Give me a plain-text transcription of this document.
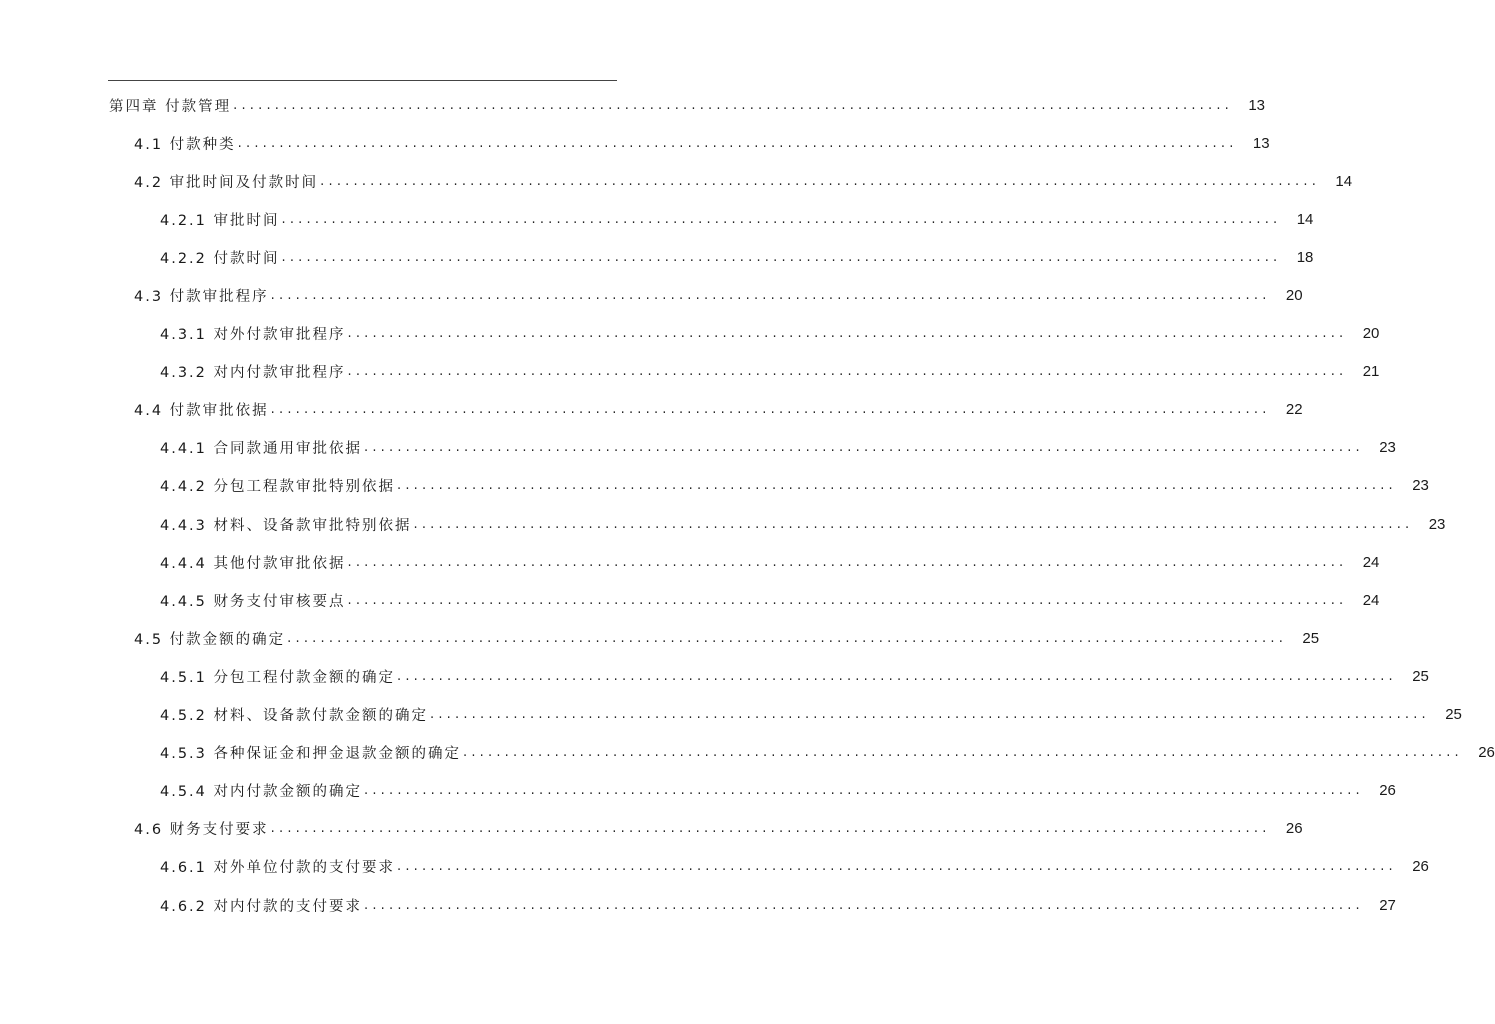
第四章 付款管理 ........................................................................................................................	13
4.1 付款种类 ........................................................................................................................	13
4.2 审批时间及付款时间 ........................................................................................................................	14
4.2.1 审批时间 ........................................................................................................................	14
4.2.2 付款时间 ........................................................................................................................	18
4.3 付款审批程序 ........................................................................................................................	20
4.3.1 对外付款审批程序 ........................................................................................................................	20
4.3.2 对内付款审批程序 ........................................................................................................................	21
4.4 付款审批依据 ........................................................................................................................	22
4.4.1 合同款通用审批依据 ........................................................................................................................	23
4.4.2 分包工程款审批特别依据 ........................................................................................................................	23
4.4.3 材料、设备款审批特别依据 ........................................................................................................................	23
4.4.4 其他付款审批依据 ........................................................................................................................	24
4.4.5 财务支付审核要点 ........................................................................................................................	24
4.5 付款金额的确定 ........................................................................................................................	25
4.5.1 分包工程付款金额的确定 ........................................................................................................................	25
4.5.2 材料、设备款付款金额的确定 ........................................................................................................................	25
4.5.3 各种保证金和押金退款金额的确定 ........................................................................................................................	26
4.5.4 对内付款金额的确定 ........................................................................................................................	26
4.6 财务支付要求 ........................................................................................................................	26
4.6.1 对外单位付款的支付要求 ........................................................................................................................	26
4.6.2 对内付款的支付要求 ........................................................................................................................	27
